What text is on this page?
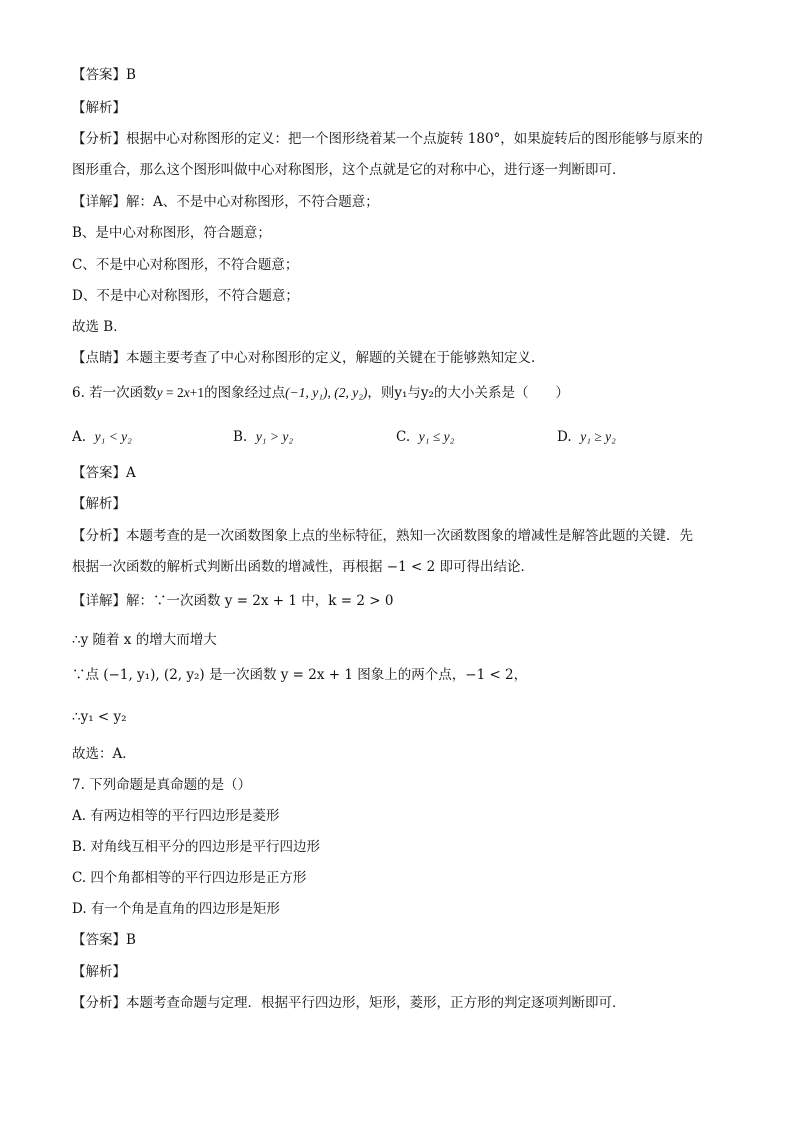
【答案】B
【解析】
【分析】根据中心对称图形的定义：把一个图形绕着某一个点旋转 180°，如果旋转后的图形能够与原来的
图形重合，那么这个图形叫做中心对称图形，这个点就是它的对称中心，进行逐一判断即可．
【详解】解：A、不是中心对称图形，不符合题意；
B、是中心对称图形，符合题意；
C、不是中心对称图形，不符合题意；
D、不是中心对称图形，不符合题意；
故选 B．
【点睛】本题主要考查了中心对称图形的定义，解题的关键在于能够熟知定义．
6. 若一次函数y = 2x+1的图象经过点(−1, y₁), (2, y₂)，则y₁与y₂的大小关系是（　　）
A. y₁ < y₂	B. y₁ > y₂	C. y₁ ≤ y₂	D. y₁ ≥ y₂
【答案】A
【解析】
【分析】本题考查的是一次函数图象上点的坐标特征，熟知一次函数图象的增减性是解答此题的关键．先
根据一次函数的解析式判断出函数的增减性，再根据 −1 < 2 即可得出结论．
【详解】解：∵一次函数 y = 2x + 1 中，k = 2 > 0
∴y 随着 x 的增大而增大
∵点 (−1, y₁), (2, y₂) 是一次函数 y = 2x + 1 图象上的两个点，−1 < 2，
∴y₁ < y₂
故选：A．
7. 下列命题是真命题的是（）
A. 有两边相等的平行四边形是菱形
B. 对角线互相平分的四边形是平行四边形
C. 四个角都相等的平行四边形是正方形
D. 有一个角是直角的四边形是矩形
【答案】B
【解析】
【分析】本题考查命题与定理．根据平行四边形，矩形，菱形，正方形的判定逐项判断即可．
